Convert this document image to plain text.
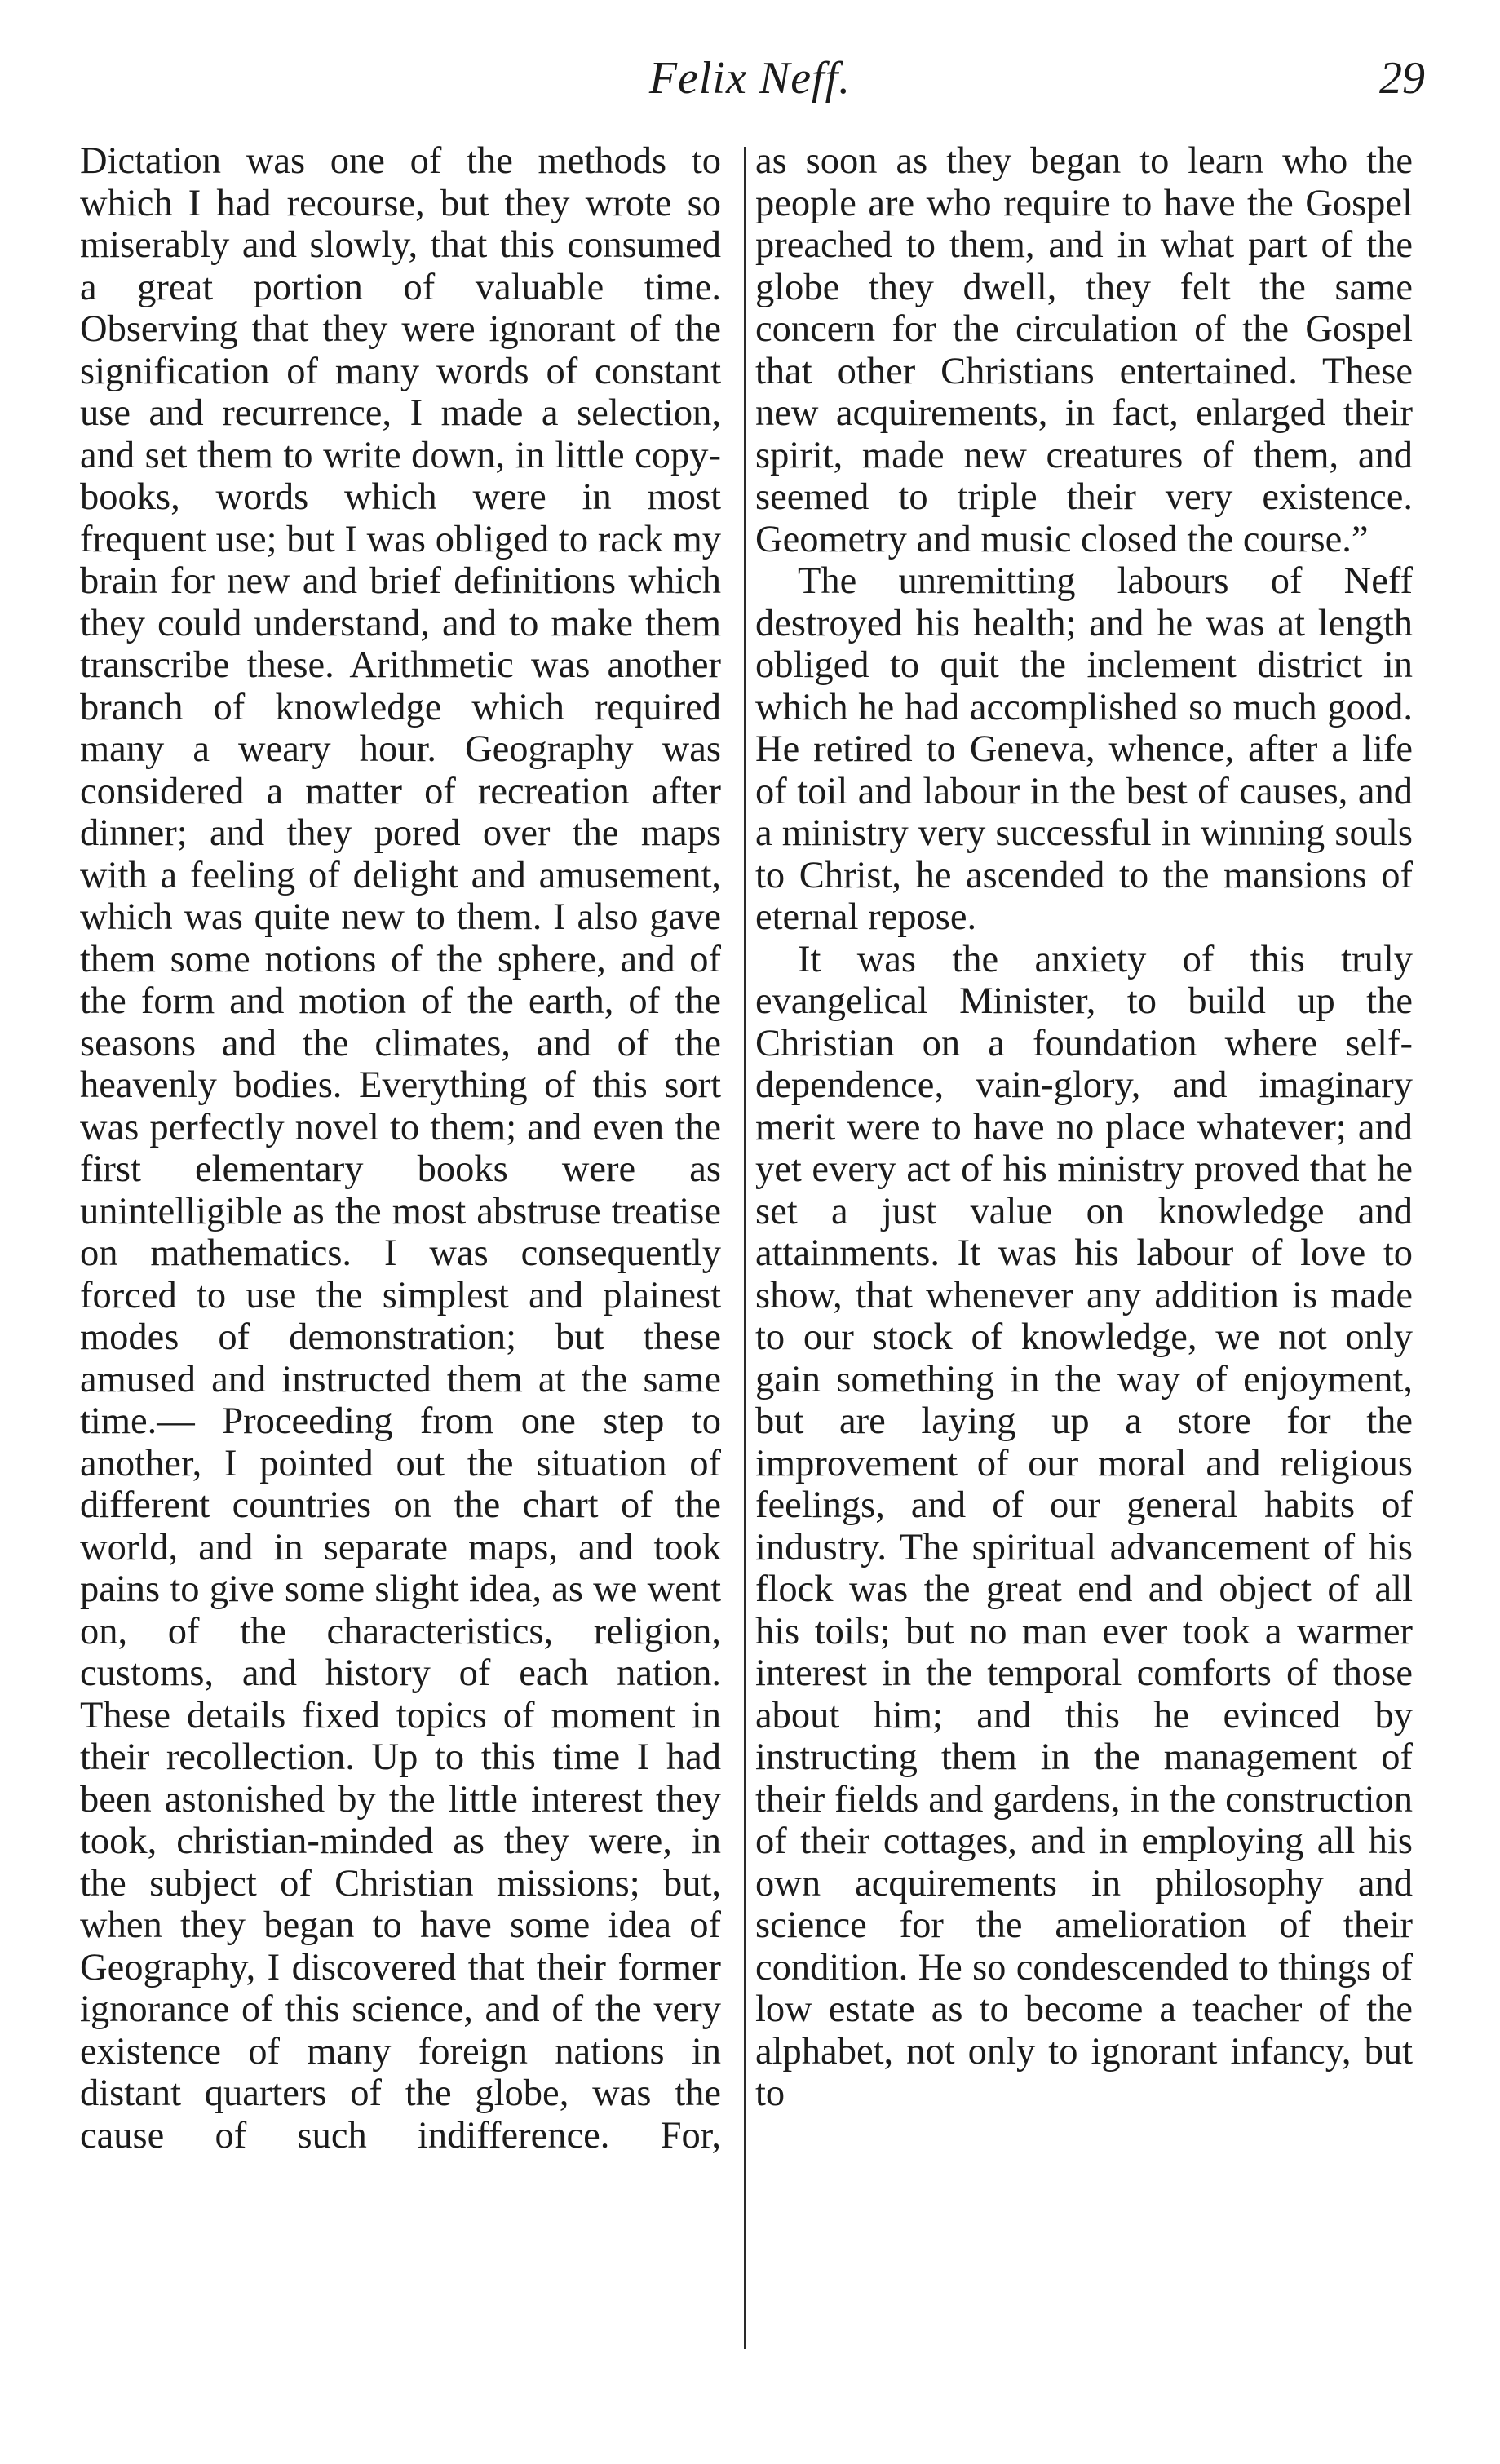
Felix Neff.	29

Dictation was one of the methods to which I had recourse, but they wrote so miserably and slowly, that this consumed a great portion of valuable time. Observing that they were ignorant of the signification of many words of constant use and recurrence, I made a selection, and set them to write down, in little copy-books, words which were in most frequent use; but I was obliged to rack my brain for new and brief definitions which they could understand, and to make them transcribe these. Arithmetic was another branch of knowledge which required many a weary hour. Geography was considered a matter of recreation after dinner; and they pored over the maps with a feeling of delight and amusement, which was quite new to them. I also gave them some notions of the sphere, and of the form and motion of the earth, of the seasons and the climates, and of the heavenly bodies. Everything of this sort was perfectly novel to them; and even the first elementary books were as unintelligible as the most abstruse treatise on mathematics. I was consequently forced to use the simplest and plainest modes of demonstration; but these amused and instructed them at the same time.— Proceeding from one step to another, I pointed out the situation of different countries on the chart of the world, and in separate maps, and took pains to give some slight idea, as we went on, of the characteristics, religion, customs, and history of each nation. These details fixed topics of moment in their recollection. Up to this time I had been astonished by the little interest they took, christian-minded as they were, in the subject of Christian missions; but, when they began to have some idea of Geography, I discovered that their former ignorance of this science, and of the very existence of many foreign nations in distant quarters of the globe, was the cause of such indifference. For,

as soon as they began to learn who the people are who require to have the Gospel preached to them, and in what part of the globe they dwell, they felt the same concern for the circulation of the Gospel that other Christians entertained. These new acquirements, in fact, enlarged their spirit, made new creatures of them, and seemed to triple their very existence. Geometry and music closed the course.”

The unremitting labours of Neff destroyed his health; and he was at length obliged to quit the inclement district in which he had accomplished so much good. He retired to Geneva, whence, after a life of toil and labour in the best of causes, and a ministry very successful in winning souls to Christ, he ascended to the mansions of eternal repose.

It was the anxiety of this truly evangelical Minister, to build up the Christian on a foundation where self-dependence, vain-glory, and imaginary merit were to have no place whatever; and yet every act of his ministry proved that he set a just value on knowledge and attainments. It was his labour of love to show, that whenever any addition is made to our stock of knowledge, we not only gain something in the way of enjoyment, but are laying up a store for the improvement of our moral and religious feelings, and of our general habits of industry. The spiritual advancement of his flock was the great end and object of all his toils; but no man ever took a warmer interest in the temporal comforts of those about him; and this he evinced by instructing them in the management of their fields and gardens, in the construction of their cottages, and in employing all his own acquirements in philosophy and science for the amelioration of their condition. He so condescended to things of low estate as to become a teacher of the alphabet, not only to ignorant infancy, but to
